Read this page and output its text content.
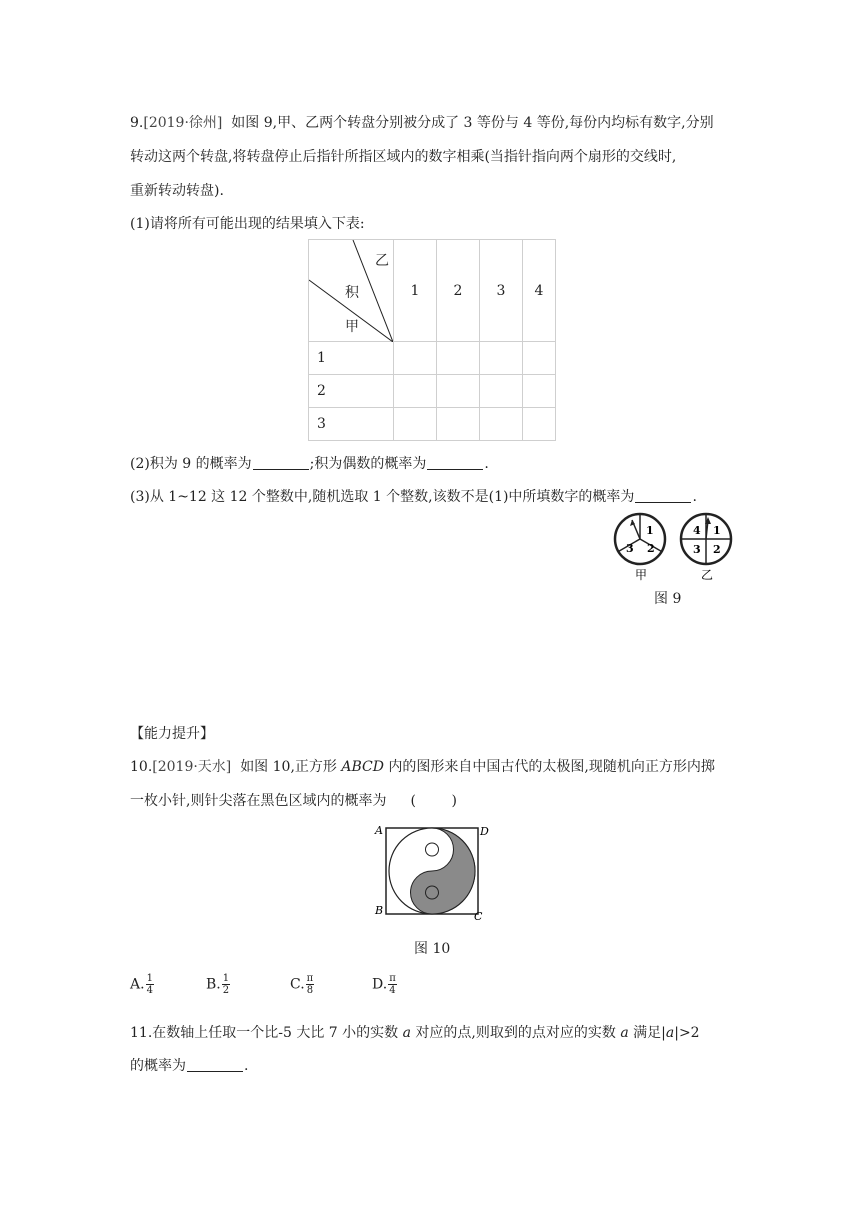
9.[2019·徐州] 如图 9,甲、乙两个转盘分别被分成了 3 等份与 4 等份,每份内均标有数字,分别
转动这两个转盘,将转盘停止后指针所指区域内的数字相乘(当指针指向两个扇形的交线时,
重新转动转盘).
(1)请将所有可能出现的结果填入下表:
乙
积
甲	1	2	3	4
1				
2				
3				
(2)积为 9 的概率为	;积为偶数的概率为	.
(3)从 1~12 这 12 个整数中,随机选取 1 个整数,该数不是(1)中所填数字的概率为	.
1
2
3
甲
1
2
3
4
乙
图 9
【能力提升】
10.[2019·天水] 如图 10,正方形 ABCD 内的图形来自中国古代的太极图,现随机向正方形内掷
一枚小针,则针尖落在黑色区域内的概率为 (        )
A	D
B	C
图 10
A. $\frac{1}{4}$	B. $\frac{1}{2}$	C. $\frac{\pi}{8}$	D. $\frac{\pi}{4}$
11.在数轴上任取一个比-5 大比 7 小的实数 a 对应的点,则取到的点对应的实数 a 满足|a|>2
的概率为	.
